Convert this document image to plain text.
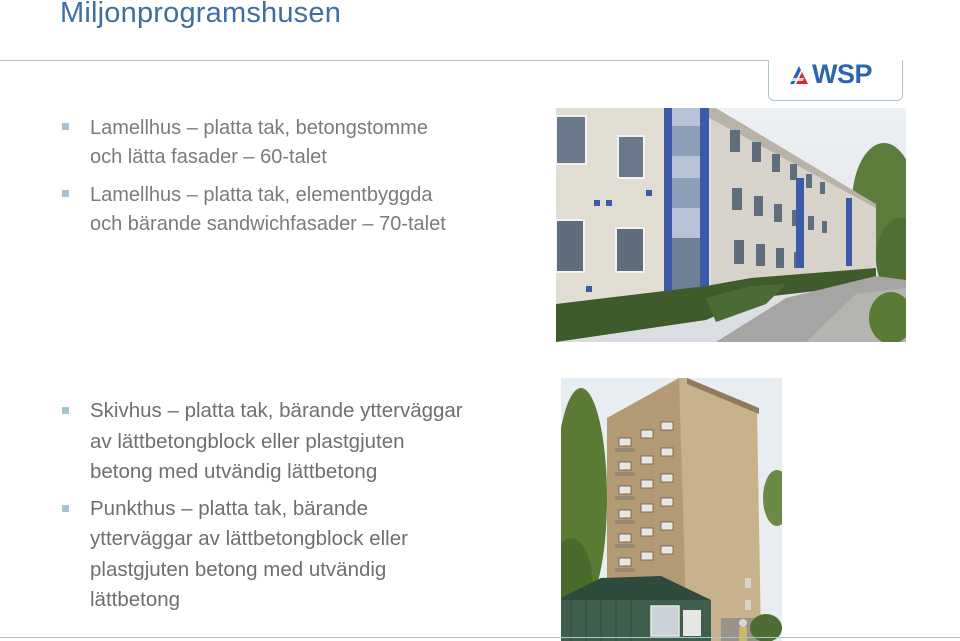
Miljonprogramshusen
WSP
Lamellhus – platta tak, betongstomme
och lätta fasader – 60-talet
Lamellhus – platta tak, elementbyggda
och bärande sandwichfasader – 70-talet
Skivhus – platta tak, bärande ytterväggar
av lättbetongblock eller plastgjuten
betong med utvändig lättbetong
Punkthus – platta tak, bärande
ytterväggar av lättbetongblock eller
plastgjuten betong med utvändig
lättbetong
